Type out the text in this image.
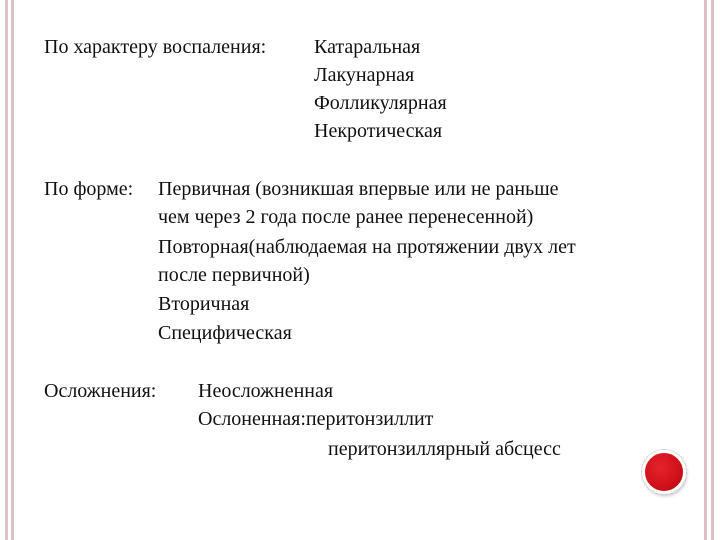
По характеру воспаления: Катаральная
Лакунарная
Фолликулярная
Некротическая
По форме: Первичная (возникшая впервые или не раньше
чем через 2 года после ранее перенесенной)
Повторная(наблюдаемая на протяжении двух лет
после первичной)
Вторичная
Специфическая
Осложнения: Неосложненная
Ослоненная:перитонзиллит
перитонзиллярный абсцесс
